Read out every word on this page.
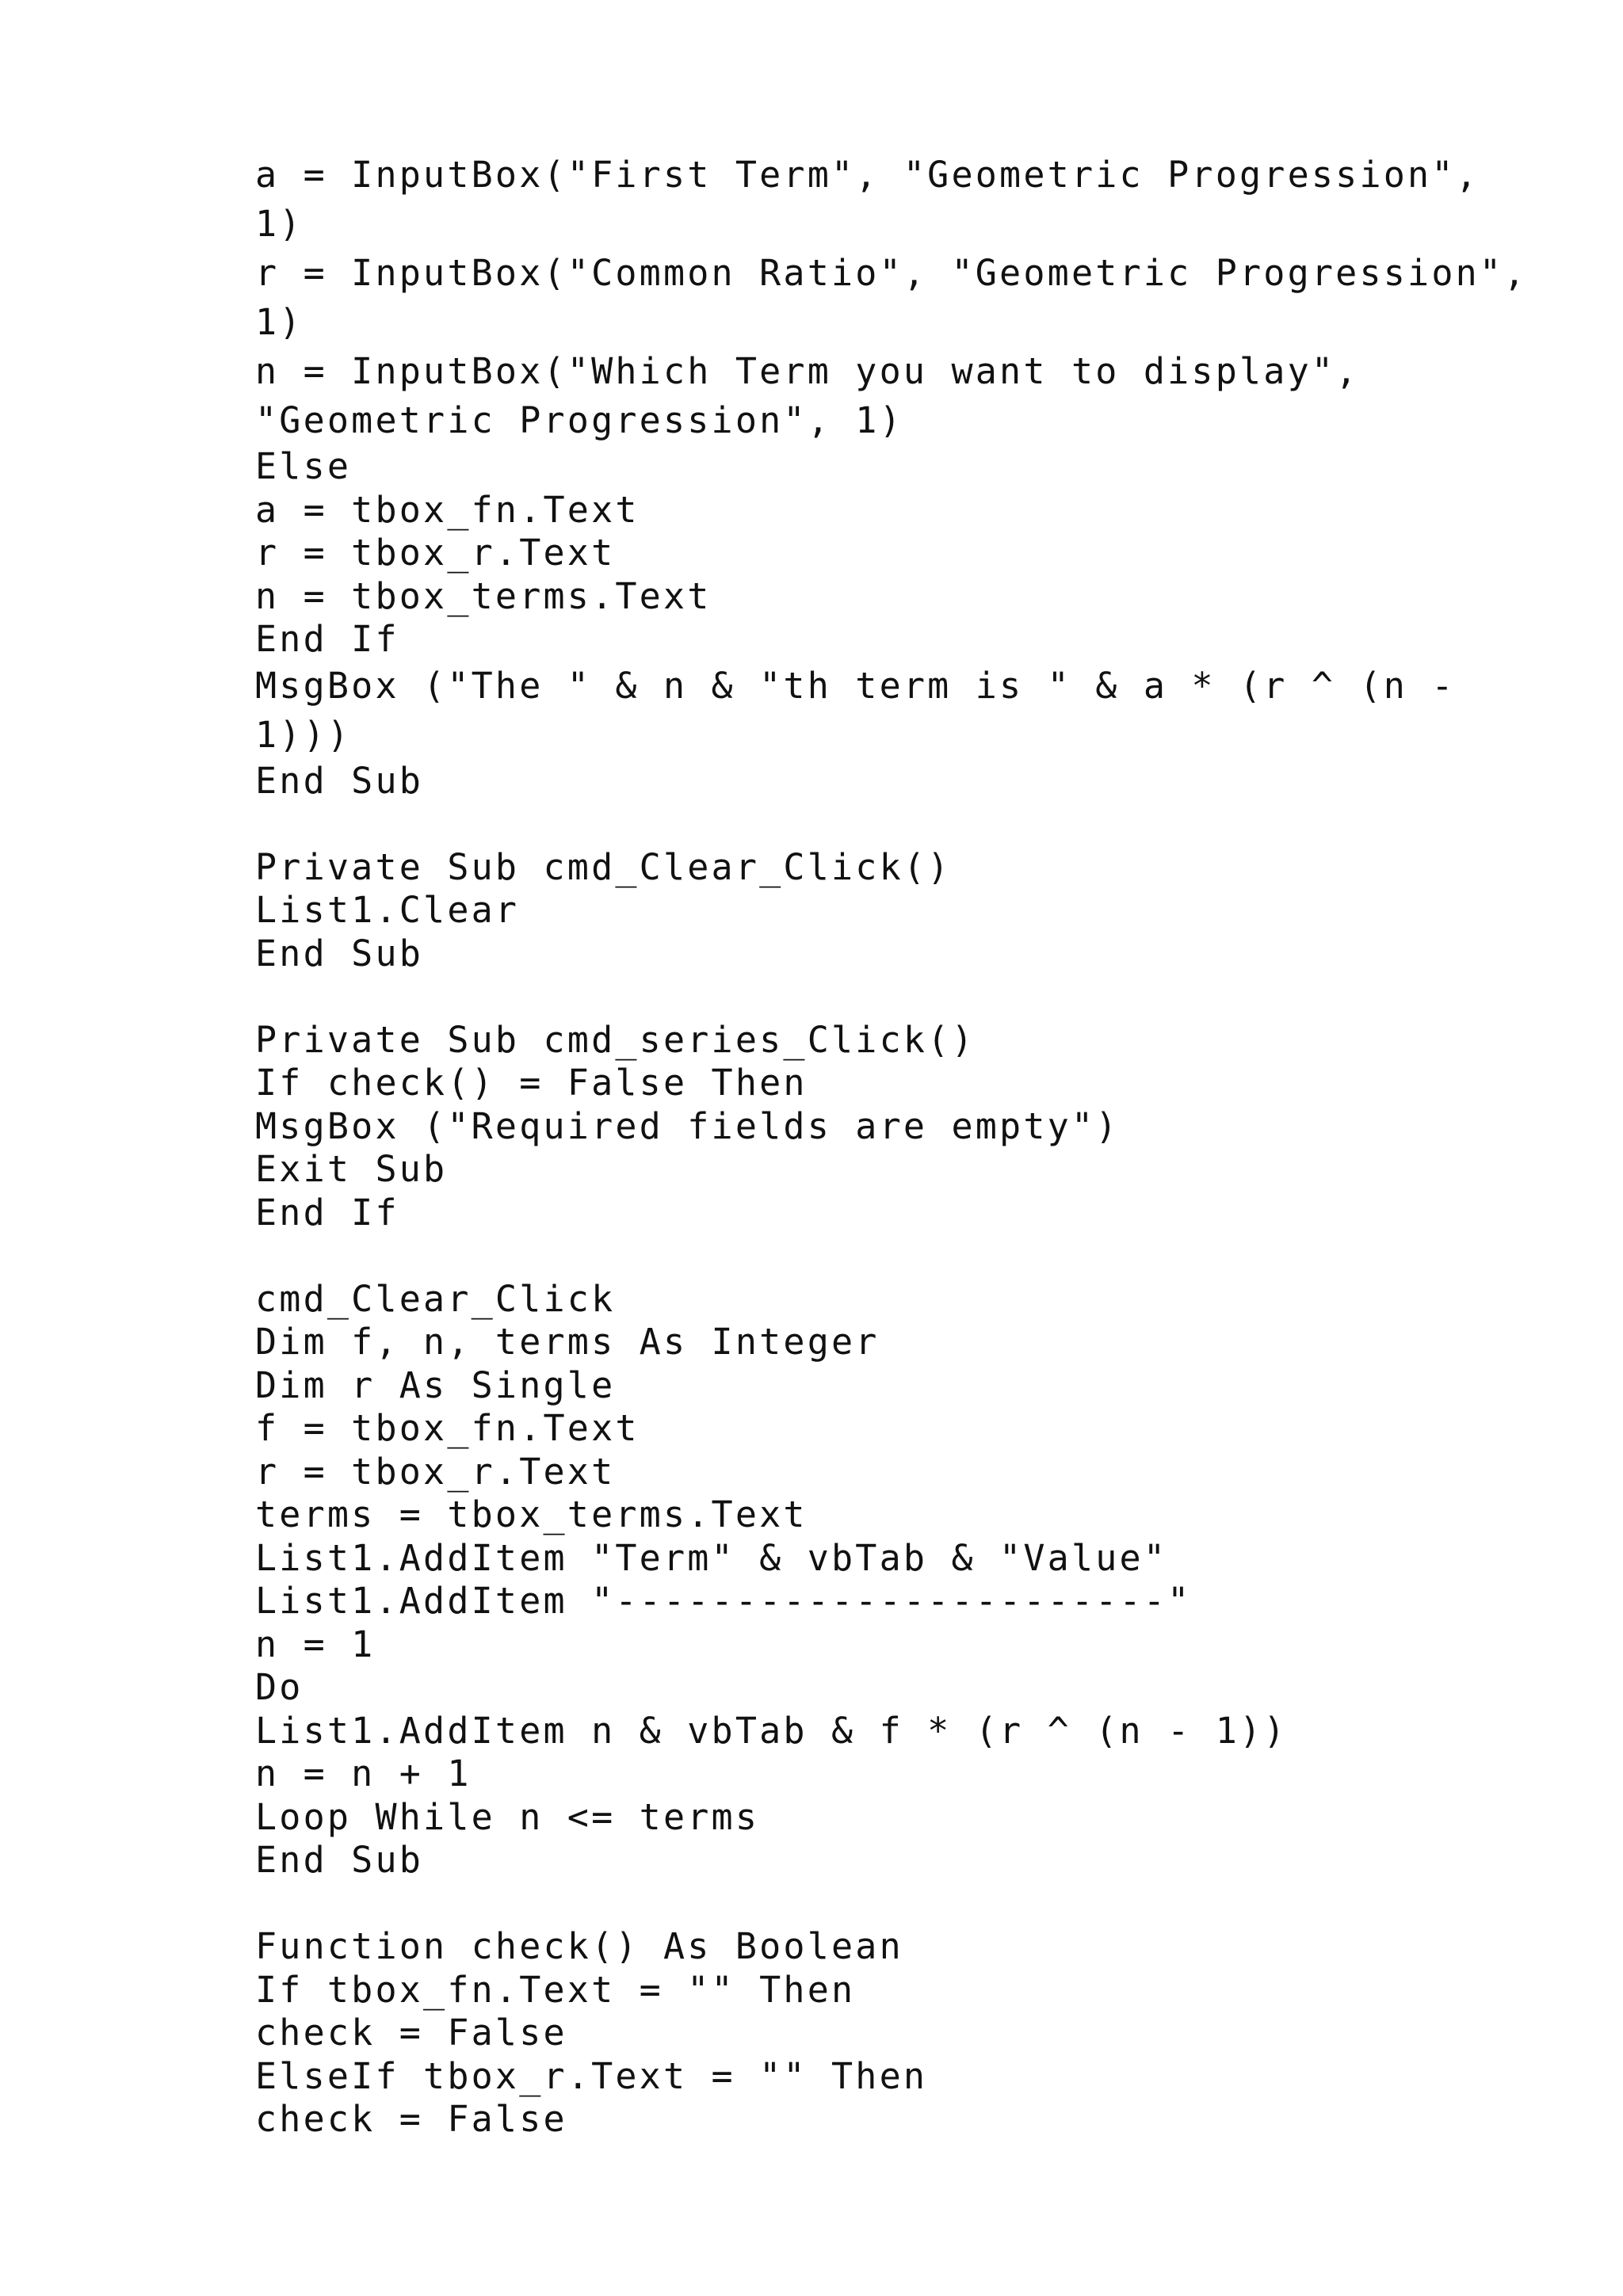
a = InputBox("First Term", "Geometric Progression",
1)
r = InputBox("Common Ratio", "Geometric Progression",
1)
n = InputBox("Which Term you want to display",
"Geometric Progression", 1)
Else
a = tbox_fn.Text
r = tbox_r.Text
n = tbox_terms.Text
End If
MsgBox ("The " & n & "th term is " & a * (r ^ (n -
1)))
End Sub
Private Sub cmd_Clear_Click()
List1.Clear
End Sub
Private Sub cmd_series_Click()
If check() = False Then
MsgBox ("Required fields are empty")
Exit Sub
End If
cmd_Clear_Click
Dim f, n, terms As Integer
Dim r As Single
f = tbox_fn.Text
r = tbox_r.Text
terms = tbox_terms.Text
List1.AddItem "Term" & vbTab & "Value"
List1.AddItem "-----------------------"
n = 1
Do
List1.AddItem n & vbTab & f * (r ^ (n - 1))
n = n + 1
Loop While n <= terms
End Sub
Function check() As Boolean
If tbox_fn.Text = "" Then
check = False
ElseIf tbox_r.Text = "" Then
check = False
